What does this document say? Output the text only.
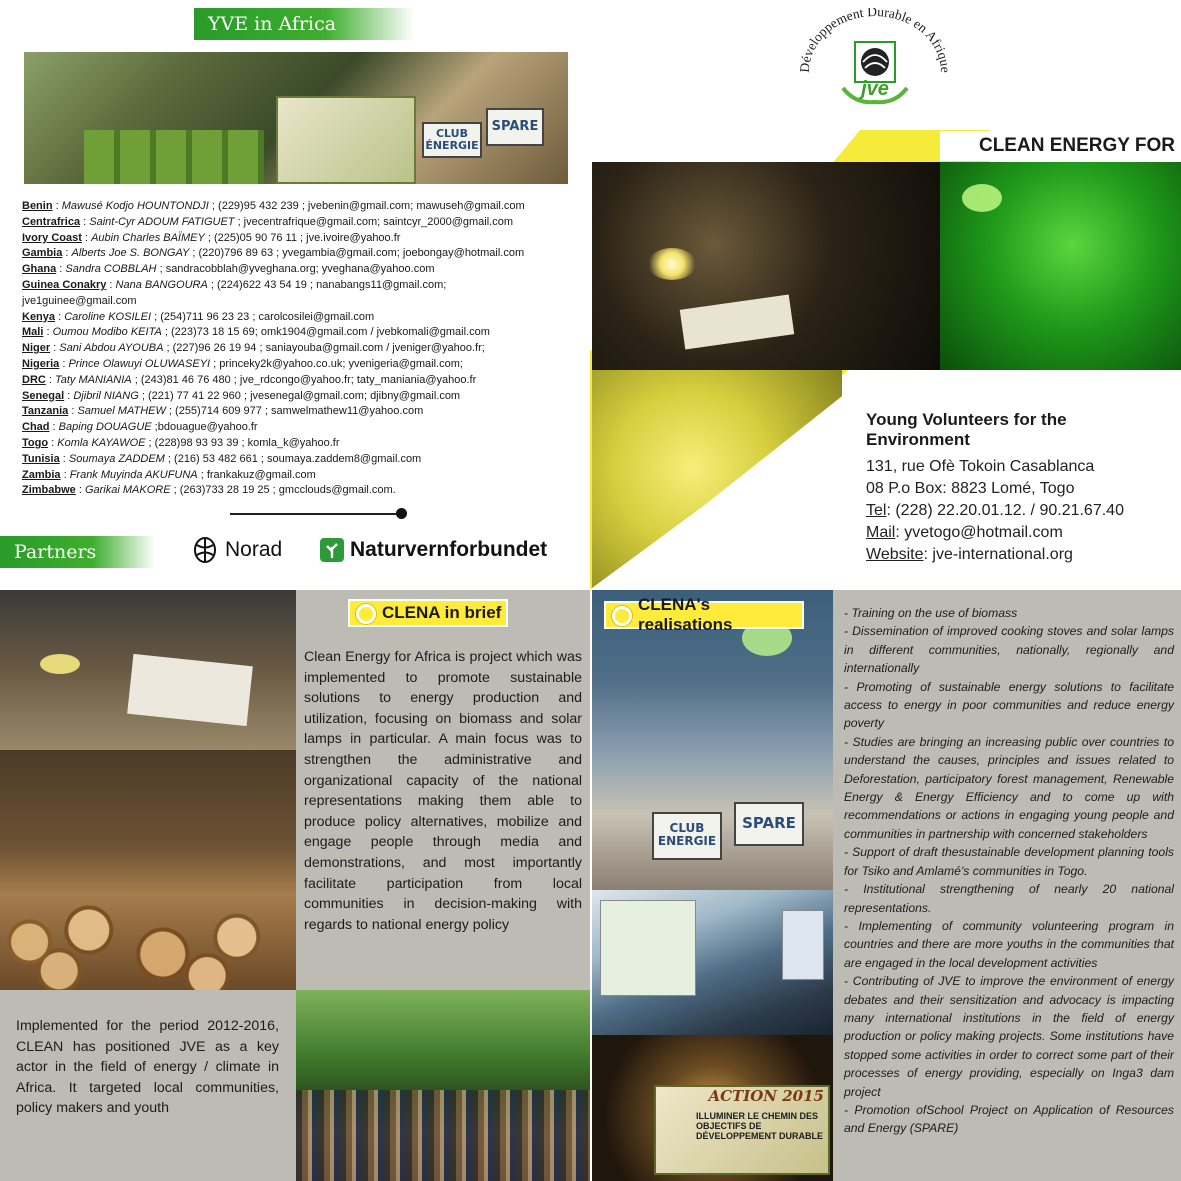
YVE in Africa
CLUB ÉNERGIE
SPARE
Benin : Mawusé Kodjo HOUNTONDJI ; (229)95 432 239 ; jvebenin@gmail.com; mawuseh@gmail.com
Centrafrica : Saint-Cyr ADOUM FATIGUET ; jvecentrafrique@gmail.com; saintcyr_2000@gmail.com
Ivory Coast : Aubin Charles BAÏMEY ; (225)05 90 76 11 ; jve.ivoire@yahoo.fr
Gambia : Alberts Joe S. BONGAY ; (220)796 89 63 ; yvegambia@gmail.com; joebongay@hotmail.com
Ghana : Sandra COBBLAH ; sandracobblah@yveghana.org; yveghana@yahoo.com
Guinea Conakry : Nana BANGOURA ; (224)622 43 54 19 ; nanabangs11@gmail.com;
jve1guinee@gmail.com
Kenya : Caroline KOSILEI ; (254)711 96 23 23 ; carolcosilei@gmail.com
Mali : Oumou Modibo KEITA ; (223)73 18 15 69; omk1904@gmail.com / jvebkomali@gmail.com
Niger : Sani Abdou AYOUBA ; (227)96 26 19 94 ; saniayouba@gmail.com / jveniger@yahoo.fr;
Nigeria : Prince Olawuyi OLUWASEYI ; princeky2k@yahoo.co.uk; yvenigeria@gmail.com;
DRC : Taty MANIANIA ; (243)81 46 76 480 ; jve_rdcongo@yahoo.fr; taty_maniania@yahoo.fr
Senegal : Djibril NIANG ; (221) 77 41 22 960 ; jvesenegal@gmail.com; djibny@gmail.com
Tanzania : Samuel MATHEW ; (255)714 609 977 ; samwelmathew11@yahoo.com
Chad : Baping DOUAGUE ;bdouague@yahoo.fr
Togo : Komla KAYAWOE ; (228)98 93 93 39 ; komla_k@yahoo.fr
Tunisia : Soumaya ZADDEM ; (216) 53 482 661 ; soumaya.zaddem8@gmail.com
Zambia : Frank Muyinda AKUFUNA ; frankakuz@gmail.com
Zimbabwe : Garikai MAKORE ; (263)733 28 19 25 ; gmcclouds@gmail.com.
Partners	Norad	Naturvernforbundet
Développement Durable en Afrique
jve
CLEAN ENERGY FOR
Young Volunteers for the Environment
131, rue Ofè Tokoin Casablanca
08 P.o Box: 8823 Lomé, Togo
Tel: (228) 22.20.01.12. / 90.21.67.40
Mail: yvetogo@hotmail.com
Website: jve-international.org
CLENA in brief
Clean Energy for Africa is project which was implemented to promote sustainable solutions to energy production and utilization, focusing on biomass and solar lamps in particular. A main focus was to strengthen the administrative and organizational capacity of the national representations making them able to produce policy alternatives, mobilize and engage people through media and demonstrations, and most importantly facilitate participation from local communities in decision-making with regards to national energy policy
Implemented for the period 2012-2016, CLEAN has positioned JVE as a key actor in the field of energy / climate in Africa. It targeted local communities, policy makers and youth
CLUB ENERGIE
SPARE
ACTION 2015
ILLUMINER LE CHEMIN DES OBJECTIFS DE DÉVELOPPEMENT DURABLE
CLENA's realisations
- Training on the use of biomass
- Dissemination of improved cooking stoves and solar lamps in different communities, nationally, regionally and internationally
- Promoting of sustainable energy solutions to facilitate access to energy in poor communities and reduce energy poverty
- Studies are bringing an increasing public over countries to understand the causes, principles and issues related to Deforestation, participatory forest management, Renewable Energy & Energy Efficiency and to come up with recommendations or actions in engaging young people and communities in partnership with concerned stakeholders
- Support of draft thesustainable development planning tools for Tsiko and Amlamé's communities in Togo.
- Institutional strengthening of nearly 20 national representations.
- Implementing of community volunteering program in countries and there are more youths in the communities that are engaged in the local development activities
- Contributing of JVE to improve the environment of energy debates and their sensitization and advocacy is impacting many international institutions in the field of energy production or policy making projects. Some institutions have stopped some activities in order to correct some part of their processes of energy providing, especially on Inga3 dam project
- Promotion ofSchool Project on Application of Resources and Energy (SPARE)
